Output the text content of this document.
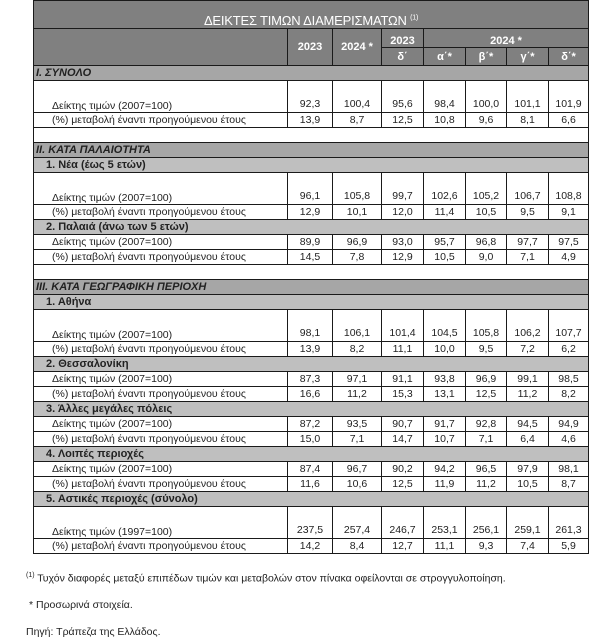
ΔΕΙΚΤΕΣ ΤΙΜΩΝ ΔΙΑΜΕΡΙΣΜΑΤΩΝ $^{(1)}$
	2023	2024 *	2023	2024 *			
			δ΄	α΄*	β΄*	γ΄*	δ΄*
I. ΣΥΝΟΛΟ							
Δείκτης τιμών (2007=100)	92,3	100,4	95,6	98,4	100,0	101,1	101,9
(%) μεταβολή έναντι προηγούμενου έτους	13,9	8,7	12,5	10,8	9,6	8,1	6,6

II. ΚΑΤΑ ΠΑΛΑΙΟΤΗΤΑ							
1. Νέα (έως 5 ετών)							
Δείκτης τιμών (2007=100)	96,1	105,8	99,7	102,6	105,2	106,7	108,8
(%) μεταβολή έναντι προηγούμενου έτους	12,9	10,1	12,0	11,4	10,5	9,5	9,1
2. Παλαιά (άνω των 5 ετών)							
Δείκτης τιμών (2007=100)	89,9	96,9	93,0	95,7	96,8	97,7	97,5
(%) μεταβολή έναντι προηγούμενου έτους	14,5	7,8	12,9	10,5	9,0	7,1	4,9

III. ΚΑΤΑ ΓΕΩΓΡΑΦΙΚΗ ΠΕΡΙΟΧΗ							
1. Αθήνα							
Δείκτης τιμών (2007=100)	98,1	106,1	101,4	104,5	105,8	106,2	107,7
(%) μεταβολή έναντι προηγούμενου έτους	13,9	8,2	11,1	10,0	9,5	7,2	6,2
2. Θεσσαλονίκη							
Δείκτης τιμών (2007=100)	87,3	97,1	91,1	93,8	96,9	99,1	98,5
(%) μεταβολή έναντι προηγούμενου έτους	16,6	11,2	15,3	13,1	12,5	11,2	8,2
3. Άλλες μεγάλες πόλεις							
Δείκτης τιμών (2007=100)	87,2	93,5	90,7	91,7	92,8	94,5	94,9
(%) μεταβολή έναντι προηγούμενου έτους	15,0	7,1	14,7	10,7	7,1	6,4	4,6
4. Λοιπές περιοχές							
Δείκτης τιμών (2007=100)	87,4	96,7	90,2	94,2	96,5	97,9	98,1
(%) μεταβολή έναντι προηγούμενου έτους	11,6	10,6	12,5	11,9	11,2	10,5	8,7
5. Αστικές περιοχές (σύνολο)							
Δείκτης τιμών (1997=100)	237,5	257,4	246,7	253,1	256,1	259,1	261,3
(%) μεταβολή έναντι προηγούμενου έτους	14,2	8,4	12,7	11,1	9,3	7,4	5,9
$^{(1)}$ Τυχόν διαφορές μεταξύ επιπέδων τιμών και μεταβολών στον πίνακα οφείλονται σε στρογγυλοποίηση.
* Προσωρινά στοιχεία.
Πηγή: Τράπεζα της Ελλάδος.
